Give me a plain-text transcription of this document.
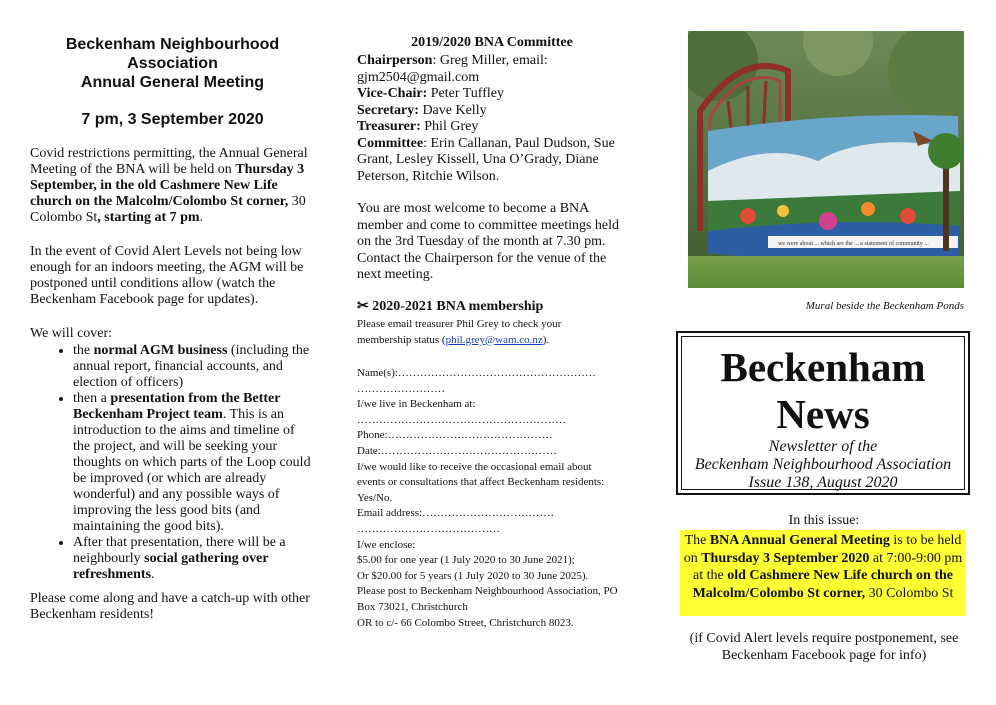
Beckenham Neighbourhood
Association
Annual General Meeting
7 pm, 3 September 2020

Covid restrictions permitting, the Annual General Meeting of the BNA will be held on Thursday 3 September, in the old Cashmere New Life church on the Malcolm/Colombo St corner, 30 Colombo St, starting at 7 pm.

In the event of Covid Alert Levels not being low enough for an indoors meeting, the AGM will be postponed until conditions allow (watch the Beckenham Facebook page for updates).

We will cover:

• the normal AGM business (including the annual report, financial accounts, and election of officers)
• then a presentation from the Better Beckenham Project team. This is an introduction to the aims and timeline of the project, and will be seeking your thoughts on which parts of the Loop could be improved (or which are already wonderful) and any possible ways of improving the less good bits (and maintaining the good bits).
• After that presentation, there will be a neighbourly social gathering over refreshments.

Please come along and have a catch-up with other Beckenham residents!

2019/2020 BNA Committee
Chairperson: Greg Miller, email: gjm2504@gmail.com
Vice-Chair: Peter Tuffley
Secretary: Dave Kelly
Treasurer: Phil Grey
Committee: Erin Callanan, Paul Dudson, Sue Grant, Lesley Kissell, Una O’Grady, Diane Peterson, Ritchie Wilson.

You are most welcome to become a BNA member and come to committee meetings held on the 3rd Tuesday of the month at 7.30 pm. Contact the Chairperson for the venue of the next meeting.

✂ 2020-2021 BNA membership
Please email treasurer Phil Grey to check your membership status (phil.grey@wam.co.nz).
Name(s):………………………………………………
……………………
I/we live in Beckenham at:
…………………………………………………
Phone:………………………………………
Date:…………………………………………
I/we would like to receive the occasional email about events or consultations that affect Beckenham residents: Yes/No.
Email address:………………………………
…………………………………
I/we enclose:
$5.00 for one year (1 July 2020 to 30 June 2021);
Or $20.00 for 5 years (1 July 2020 to 30 June 2025).
Please post to Beckenham Neighbourhood Association, PO Box 73021, Christchurch
OR to c/- 66 Colombo Street, Christchurch 8023.
we were about ... which are the ... a statement of community ...
Mural beside the Beckenham Ponds
Beckenham
News
Newsletter of the
Beckenham Neighbourhood Association
Issue 138, August 2020
In this issue:
The BNA Annual General Meeting is to be held on Thursday 3 September 2020 at 7:00-9:00 pm at the old Cashmere New Life church on the Malcolm/Colombo St corner, 30 Colombo St
(if Covid Alert levels require postponement, see Beckenham Facebook page for info)
